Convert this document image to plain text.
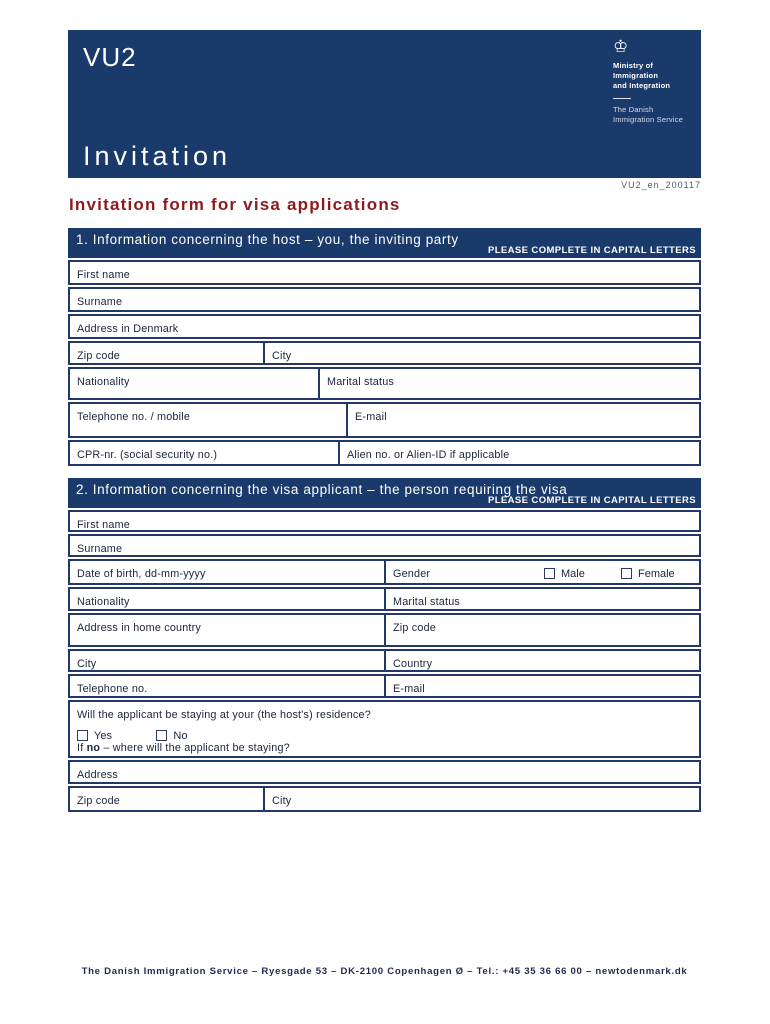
VU2	♔
Ministry of Immigration
and Integration
The Danish
Immigration Service
Invitation
VU2_en_200117
Invitation form for visa applications
1. Information concerning the host – you, the inviting party
PLEASE COMPLETE IN CAPITAL LETTERS
First name
Surname
Address in Denmark
Zip code	City
Nationality	Marital status
Telephone no. / mobile	E-mail
CPR-nr. (social security no.)	Alien no. or Alien-ID if applicable
2. Information concerning the visa applicant – the person requiring the visa
PLEASE COMPLETE IN CAPITAL LETTERS
First name
Surname
Date of birth, dd-mm-yyyy	Gender	Male	Female
Nationality	Marital status
Address in home country	Zip code
City	Country
Telephone no.	E-mail
Will the applicant be staying at your (the host's) residence?
Yes	No
If no – where will the applicant be staying?
Address
Zip code	City
The Danish Immigration Service – Ryesgade 53 – DK-2100 Copenhagen Ø – Tel.: +45 35 36 66 00 – newtodenmark.dk
